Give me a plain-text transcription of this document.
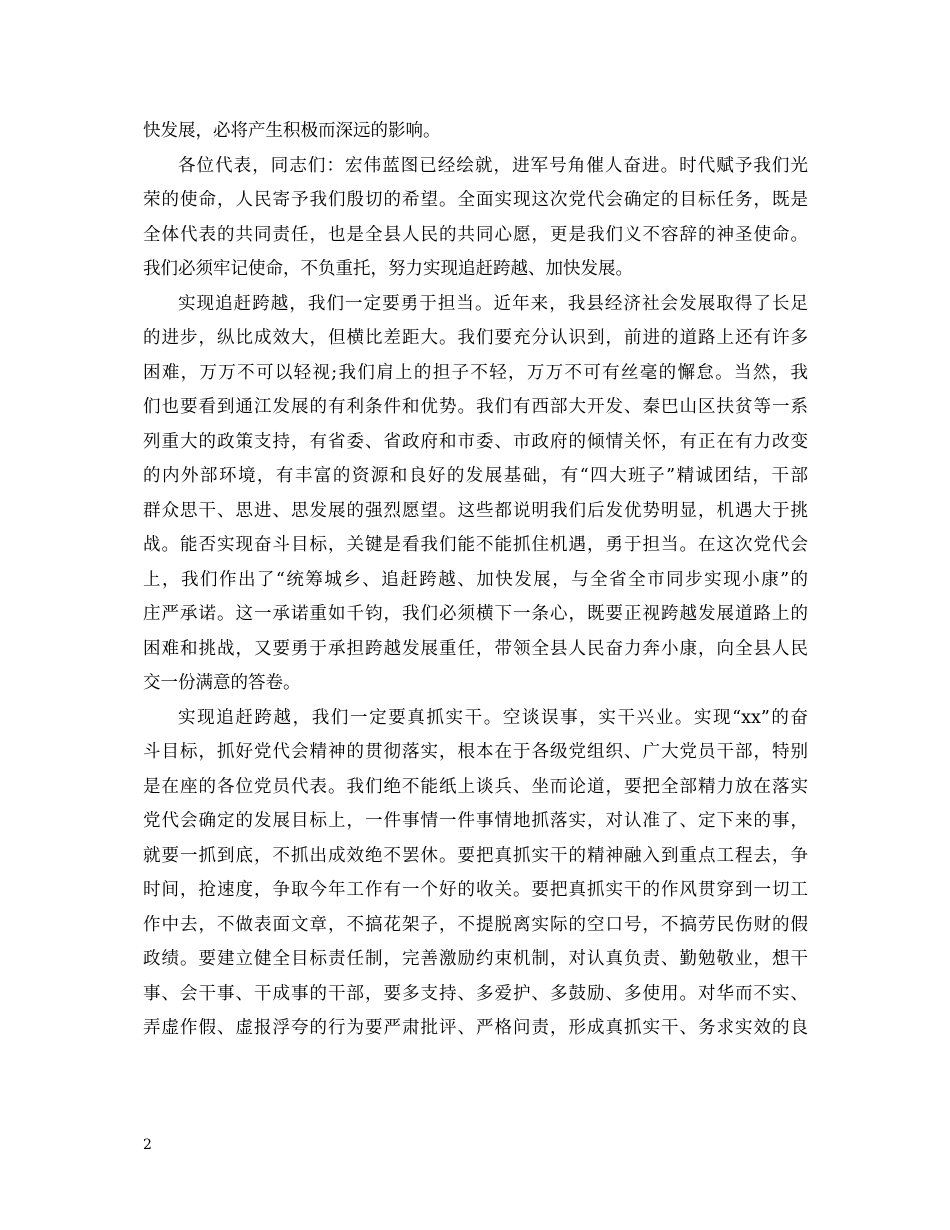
快发展，必将产生积极而深远的影响。
各位代表，同志们：宏伟蓝图已经绘就，进军号角催人奋进。时代赋予我们光
荣的使命，人民寄予我们殷切的希望。全面实现这次党代会确定的目标任务，既是
全体代表的共同责任，也是全县人民的共同心愿，更是我们义不容辞的神圣使命。
我们必须牢记使命，不负重托，努力实现追赶跨越、加快发展。
实现追赶跨越，我们一定要勇于担当。近年来，我县经济社会发展取得了长足
的进步，纵比成效大，但横比差距大。我们要充分认识到，前进的道路上还有许多
困难，万万不可以轻视;我们肩上的担子不轻，万万不可有丝毫的懈怠。当然，我
们也要看到通江发展的有利条件和优势。我们有西部大开发、秦巴山区扶贫等一系
列重大的政策支持，有省委、省政府和市委、市政府的倾情关怀，有正在有力改变
的内外部环境，有丰富的资源和良好的发展基础，有“四大班子”精诚团结，干部
群众思干、思进、思发展的强烈愿望。这些都说明我们后发优势明显，机遇大于挑
战。能否实现奋斗目标，关键是看我们能不能抓住机遇，勇于担当。在这次党代会
上，我们作出了“统筹城乡、追赶跨越、加快发展，与全省全市同步实现小康”的
庄严承诺。这一承诺重如千钧，我们必须横下一条心，既要正视跨越发展道路上的
困难和挑战，又要勇于承担跨越发展重任，带领全县人民奋力奔小康，向全县人民
交一份满意的答卷。
实现追赶跨越，我们一定要真抓实干。空谈误事，实干兴业。实现“xx”的奋
斗目标，抓好党代会精神的贯彻落实，根本在于各级党组织、广大党员干部，特别
是在座的各位党员代表。我们绝不能纸上谈兵、坐而论道，要把全部精力放在落实
党代会确定的发展目标上，一件事情一件事情地抓落实，对认准了、定下来的事，
就要一抓到底，不抓出成效绝不罢休。要把真抓实干的精神融入到重点工程去，争
时间，抢速度，争取今年工作有一个好的收关。要把真抓实干的作风贯穿到一切工
作中去，不做表面文章，不搞花架子，不提脱离实际的空口号，不搞劳民伤财的假
政绩。要建立健全目标责任制，完善激励约束机制，对认真负责、勤勉敬业，想干
事、会干事、干成事的干部，要多支持、多爱护、多鼓励、多使用。对华而不实、
弄虚作假、虚报浮夸的行为要严肃批评、严格问责，形成真抓实干、务求实效的良
2
